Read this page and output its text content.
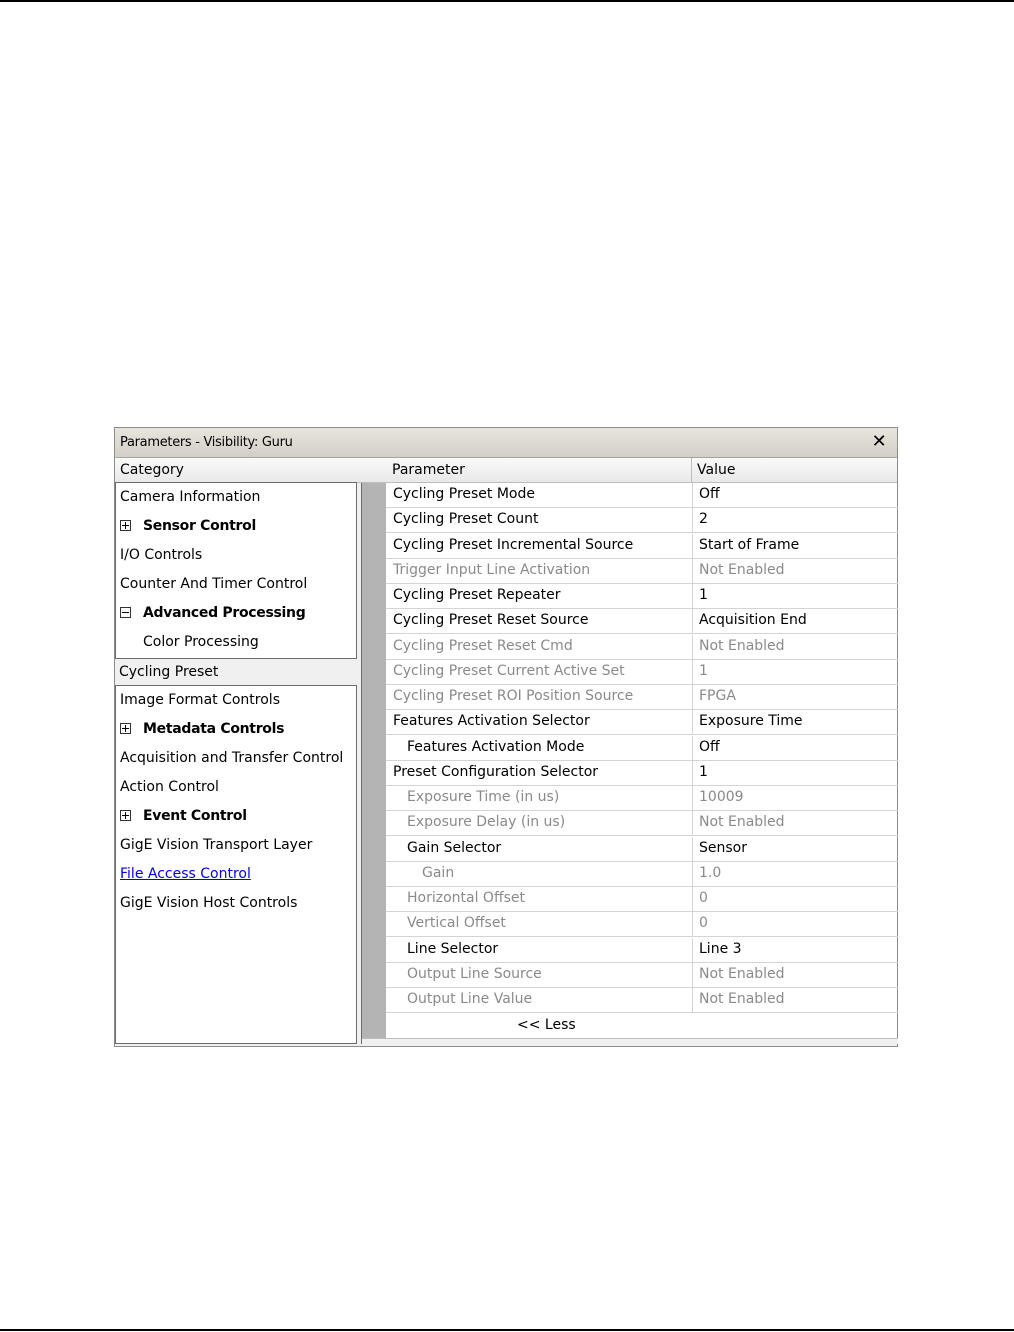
Parameters - Visibility: Guru	✕
Category	Parameter	Value
Camera Information
Sensor Control
I/O Controls
Counter And Timer Control
Advanced Processing
Color Processing
Cycling Preset
Image Format Controls
Metadata Controls
Acquisition and Transfer Control
Action Control
Event Control
GigE Vision Transport Layer
File Access Control
GigE Vision Host Controls
Cycling Preset Mode	Off
Cycling Preset Count	2
Cycling Preset Incremental Source	Start of Frame
Trigger Input Line Activation	Not Enabled
Cycling Preset Repeater	1
Cycling Preset Reset Source	Acquisition End
Cycling Preset Reset Cmd	Not Enabled
Cycling Preset Current Active Set	1
Cycling Preset ROI Position Source	FPGA
Features Activation Selector	Exposure Time
Features Activation Mode	Off
Preset Configuration Selector	1
Exposure Time (in us)	10009
Exposure Delay (in us)	Not Enabled
Gain Selector	Sensor
Gain	1.0
Horizontal Offset	0
Vertical Offset	0
Line Selector	Line 3
Output Line Source	Not Enabled
Output Line Value	Not Enabled
<< Less
